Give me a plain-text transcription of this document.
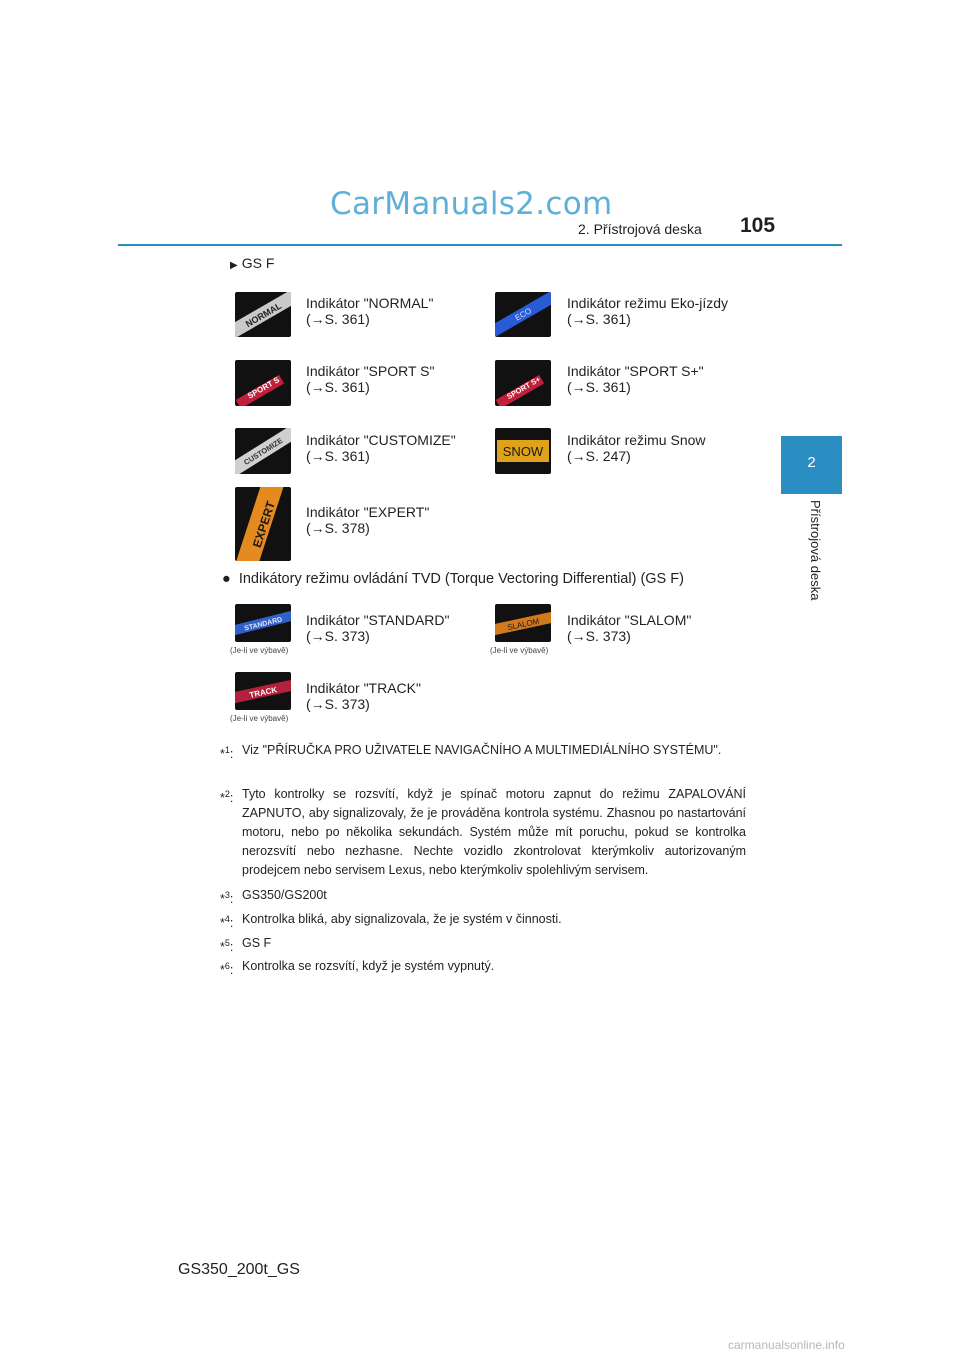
CarManuals2.com
2. Přístrojová deska 105
2
Přístrojová deska
▶ GS F
NORMAL Indikátor "NORMAL"
(→S. 361)	ECO
Indikátor režimu Eko-jízdy
(→S. 361)
SPORT S
Indikátor "SPORT S"
(→S. 361)	SPORT S+
Indikátor "SPORT S+"
(→S. 361)
CUSTOMIZE Indikátor "CUSTOMIZE"
(→S. 361)	SNOW
Indikátor režimu Snow
(→S. 247)
EXPERT Indikátor "EXPERT"
(→S. 378)
● Indikátory režimu ovládání TVD (Torque Vectoring Differential) (GS F)
STANDARD
(Je-li ve výbavě)
Indikátor "STANDARD"
(→S. 373)
SLALOM
(Je-li ve výbavě)
Indikátor "SLALOM"
(→S. 373)
TRACK
(Je-li ve výbavě)
Indikátor "TRACK"
(→S. 373)
*$^1$: Viz "PŘÍRUČKA PRO UŽIVATELE NAVIGAČNÍHO A MULTIMEDIÁLNÍHO SYSTÉMU".
*$^2$: Tyto kontrolky se rozsvítí, když je spínač motoru zapnut do režimu ZAPALOVÁNÍ ZAPNUTO, aby signalizovaly, že je prováděna kontrola systému. Zhasnou po nastartování motoru, nebo po několika sekundách. Systém může mít poruchu, pokud se kontrolka nerozsvítí nebo nezhasne. Nechte vozidlo zkontrolovat kterýmkoliv autorizovaným prodejcem nebo servisem Lexus, nebo kterýmkoliv spolehlivým servisem.
*$^3$: GS350/GS200t
*$^4$: Kontrolka bliká, aby signalizovala, že je systém v činnosti.
*$^5$: GS F
*$^6$: Kontrolka se rozsvítí, když je systém vypnutý.
GS350_200t_GS
carmanualsonline.info
